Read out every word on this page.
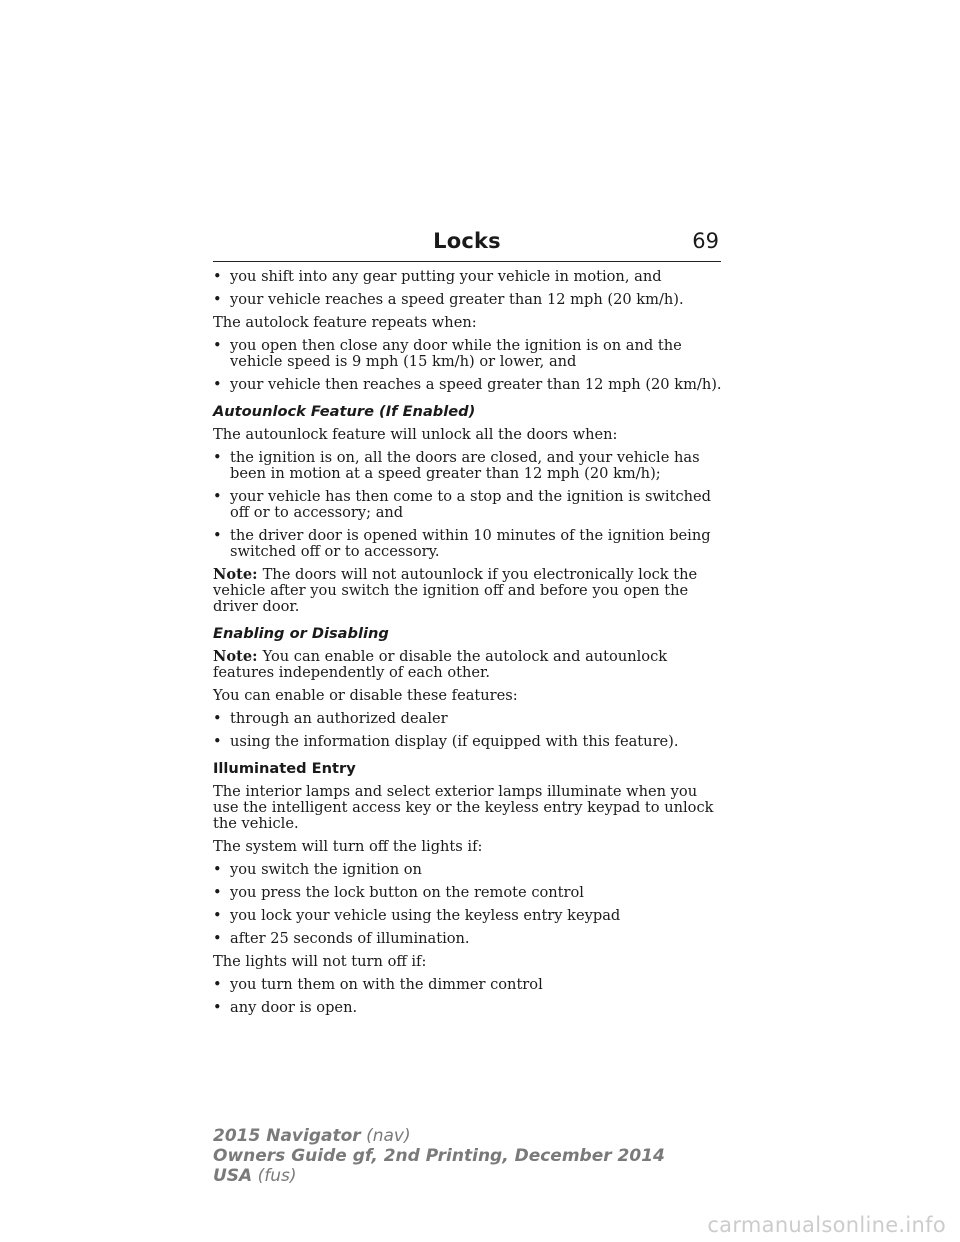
Locks	69
• you shift into any gear putting your vehicle in motion, and
• your vehicle reaches a speed greater than 12 mph (20 km/h).

The autolock feature repeats when:

• you open then close any door while the ignition is on and the vehicle speed is 9 mph (15 km/h) or lower, and
• your vehicle then reaches a speed greater than 12 mph (20 km/h).
Autounlock Feature (If Enabled)

The autounlock feature will unlock all the doors when:

• the ignition is on, all the doors are closed, and your vehicle has been in motion at a speed greater than 12 mph (20 km/h);
• your vehicle has then come to a stop and the ignition is switched off or to accessory; and
• the driver door is opened within 10 minutes of the ignition being switched off or to accessory.

Note: The doors will not autounlock if you electronically lock the vehicle after you switch the ignition off and before you open the driver door.

Enabling or Disabling

Note: You can enable or disable the autolock and autounlock features independently of each other.

You can enable or disable these features:

• through an authorized dealer
• using the information display (if equipped with this feature).
Illuminated Entry

The interior lamps and select exterior lamps illuminate when you use the intelligent access key or the keyless entry keypad to unlock the vehicle.

The system will turn off the lights if:

• you switch the ignition on
• you press the lock button on the remote control
• you lock your vehicle using the keyless entry keypad
• after 25 seconds of illumination.

The lights will not turn off if:

• you turn them on with the dimmer control
• any door is open.
2015 Navigator (nav)
Owners Guide gf, 2nd Printing, December 2014
USA (fus)
carmanualsonline.info
